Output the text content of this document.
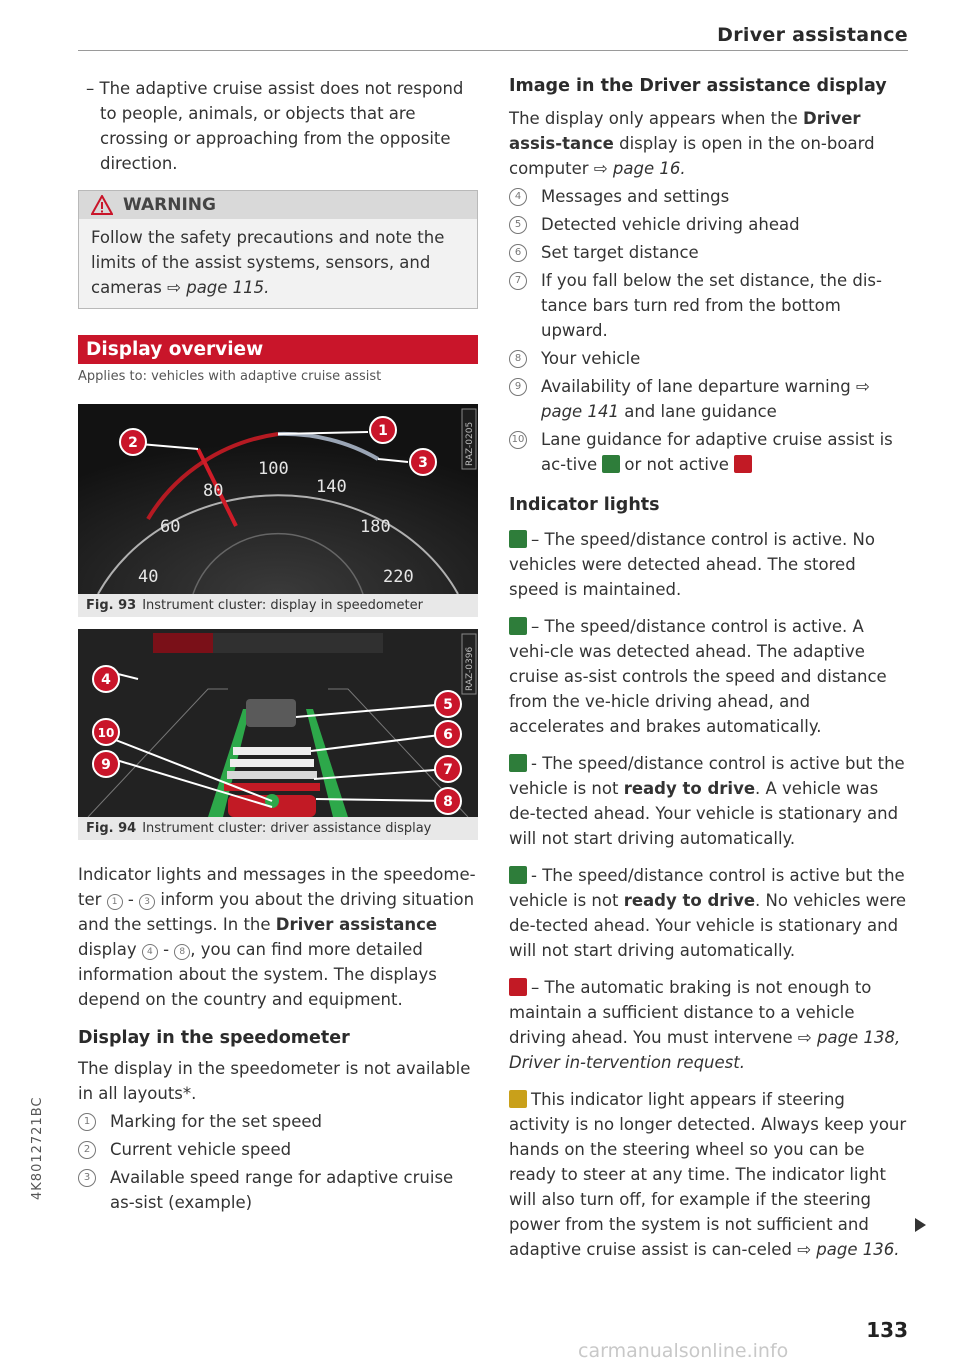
Driver assistance

– The adaptive cruise assist does not respond to people, animals, or objects that are crossing or approaching from the opposite direction.

WARNING
Follow the safety precautions and note the limits of the assist systems, sensors, and cameras ⇨ page 115.
Display overview
Applies to: vehicles with adaptive cruise assist
40
60
80
100
140
180
220
1
2
3	RAZ-0205
Fig. 93 Instrument cluster: display in speedometer
4
5
6
7
8
9
10
RAZ-0396
Fig. 94 Instrument cluster: driver assistance display

Indicator lights and messages in the speedome-ter 1 - 3 inform you about the driving situation and the settings. In the Driver assistance display 4 - 8 , you can find more detailed information about the system. The displays depend on the country and equipment.

Display in the speedometer

The display in the speedometer is not available in all layouts*.

1	Marking for the set speed
2	Current vehicle speed
3	Available speed range for adaptive cruise as-sist (example)
Image in the Driver assistance display

The display only appears when the Driver assis-tance display is open in the on-board computer ⇨ page 16.

4	Messages and settings
5	Detected vehicle driving ahead
6	Set target distance
7	If you fall below the set distance, the dis-tance bars turn red from the bottom upward.
8	Your vehicle
9	Availability of lane departure warning ⇨ page 141 and lane guidance
10 Lane guidance for adaptive cruise assist is ac-tive or not active
Indicator lights

– The speed/distance control is active. No vehicles were detected ahead. The stored speed is maintained.

– The speed/distance control is active. A vehi-cle was detected ahead. The adaptive cruise as-sist controls the speed and distance from the ve-hicle driving ahead, and accelerates and brakes automatically.

- The speed/distance control is active but the vehicle is not ready to drive. A vehicle was de-tected ahead. Your vehicle is stationary and will not start driving automatically.

- The speed/distance control is active but the vehicle is not ready to drive. No vehicles were de-tected ahead. Your vehicle is stationary and will not start driving automatically.

– The automatic braking is not enough to maintain a sufficient distance to a vehicle driving ahead. You must intervene ⇨ page 138, Driver in-tervention request.

This indicator light appears if steering activity is no longer detected. Always keep your hands on the steering wheel so you can be ready to steer at any time. The indicator light will also turn off, for example if the steering power from the system is not sufficient and adaptive cruise assist is can-celed ⇨ page 136.

4K8012721BC
133
carmanualsonline.info
